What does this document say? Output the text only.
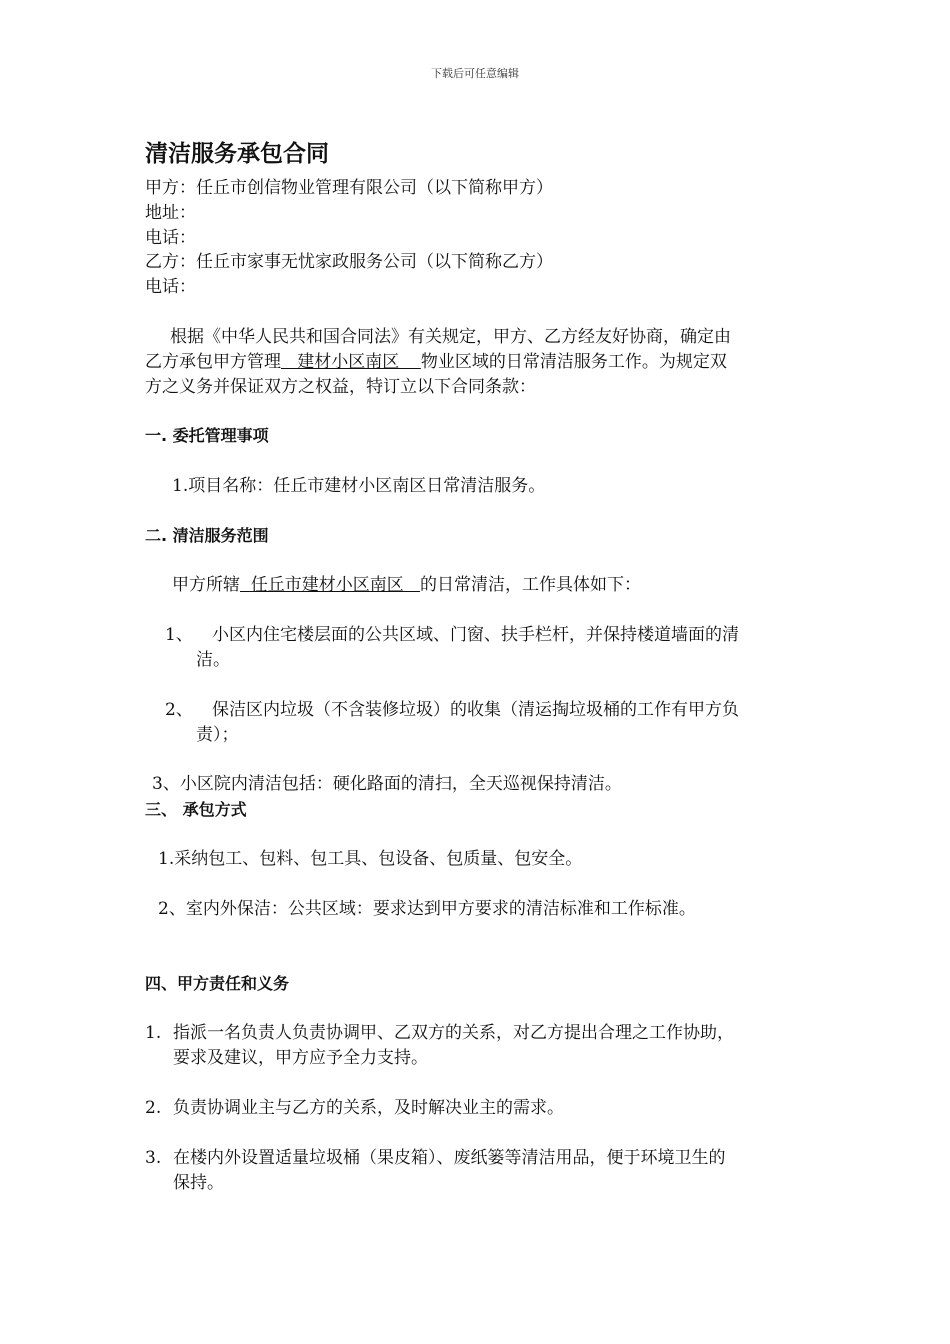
下载后可任意编辑
清洁服务承包合同
甲方：任丘市创信物业管理有限公司（以下简称甲方）
地址：
电话：
乙方：任丘市家事无忧家政服务公司（以下简称乙方）
电话：
根据《中华人民共和国合同法》有关规定，甲方、乙方经友好协商，确定由
乙方承包甲方管理   建材小区南区    物业区域的日常清洁服务工作。为规定双
方之义务并保证双方之权益，特订立以下合同条款：
一. 委托管理事项
1.项目名称：任丘市建材小区南区日常清洁服务。
二. 清洁服务范围
甲方所辖  任丘市建材小区南区   的日常清洁，工作具体如下：
1、 小区内住宅楼层面的公共区域、门窗、扶手栏杆，并保持楼道墙面的清
洁。
2、 保洁区内垃圾（不含装修垃圾）的收集（清运掏垃圾桶的工作有甲方负
责）；
3、小区院内清洁包括：硬化路面的清扫，全天巡视保持清洁。
三、 承包方式
1.采纳包工、包料、包工具、包设备、包质量、包安全。
2、室内外保洁：公共区域：要求达到甲方要求的清洁标准和工作标准。
四、甲方责任和义务
1. 指派一名负责人负责协调甲、乙双方的关系，对乙方提出合理之工作协助，
要求及建议，甲方应予全力支持。
2. 负责协调业主与乙方的关系，及时解决业主的需求。
3. 在楼内外设置适量垃圾桶（果皮箱）、废纸篓等清洁用品，便于环境卫生的
保持。
